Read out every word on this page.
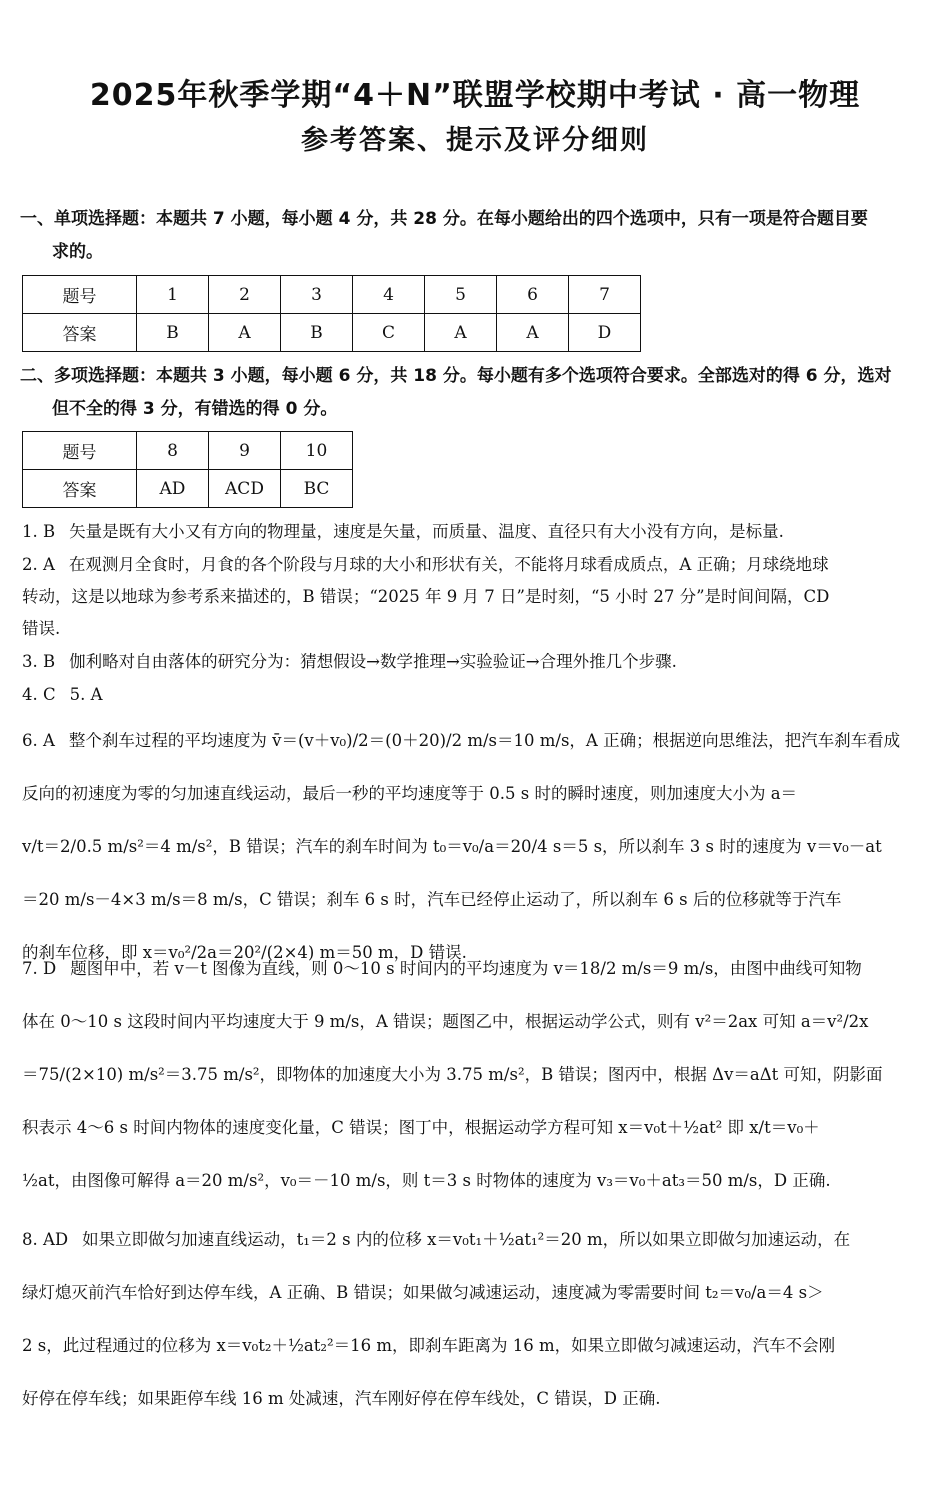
2025年秋季学期“4＋N”联盟学校期中考试 · 高一物理
参考答案、提示及评分细则
一、单项选择题：本题共 7 小题，每小题 4 分，共 28 分。在每小题给出的四个选项中，只有一项是符合题目要
求的。
题号	1	2	3	4	5	6	7
答案	B	A	B	C	A	A	D
二、多项选择题：本题共 3 小题，每小题 6 分，共 18 分。每小题有多个选项符合要求。全部选对的得 6 分，选对
但不全的得 3 分，有错选的得 0 分。
题号	8	9	10
答案	AD	ACD	BC
1. B 矢量是既有大小又有方向的物理量，速度是矢量，而质量、温度、直径只有大小没有方向，是标量.
2. A 在观测月全食时，月食的各个阶段与月球的大小和形状有关，不能将月球看成质点，A 正确；月球绕地球
转动，这是以地球为参考系来描述的，B 错误；“2025 年 9 月 7 日”是时刻，“5 小时 27 分”是时间间隔，CD
错误.
3. B 伽利略对自由落体的研究分为：猜想假设→数学推理→实验验证→合理外推几个步骤.
4. C 5. A
6. A 整个刹车过程的平均速度为 v̄＝(v＋v₀)/2＝(0＋20)/2 m/s＝10 m/s，A 正确；根据逆向思维法，把汽车刹车看成
反向的初速度为零的匀加速直线运动，最后一秒的平均速度等于 0.5 s 时的瞬时速度，则加速度大小为 a＝
v/t＝2/0.5 m/s²＝4 m/s²，B 错误；汽车的刹车时间为 t₀＝v₀/a＝20/4 s＝5 s，所以刹车 3 s 时的速度为 v＝v₀－at
＝20 m/s－4×3 m/s＝8 m/s，C 错误；刹车 6 s 时，汽车已经停止运动了，所以刹车 6 s 后的位移就等于汽车
的刹车位移，即 x＝v₀²/2a＝20²/(2×4) m＝50 m，D 错误.
7. D 题图甲中，若 v－t 图像为直线，则 0～10 s 时间内的平均速度为 v＝18/2 m/s＝9 m/s，由图中曲线可知物
体在 0～10 s 这段时间内平均速度大于 9 m/s，A 错误；题图乙中，根据运动学公式，则有 v²＝2ax 可知 a＝v²/2x
＝75/(2×10) m/s²＝3.75 m/s²，即物体的加速度大小为 3.75 m/s²，B 错误；图丙中，根据 Δv＝aΔt 可知，阴影面
积表示 4～6 s 时间内物体的速度变化量，C 错误；图丁中，根据运动学方程可知 x＝v₀t＋½at² 即 x/t＝v₀＋
½at，由图像可解得 a＝20 m/s²，v₀＝－10 m/s，则 t＝3 s 时物体的速度为 v₃＝v₀＋at₃＝50 m/s，D 正确.
8. AD 如果立即做匀加速直线运动，t₁＝2 s 内的位移 x＝v₀t₁＋½at₁²＝20 m，所以如果立即做匀加速运动，在
绿灯熄灭前汽车恰好到达停车线，A 正确、B 错误；如果做匀减速运动，速度减为零需要时间 t₂＝v₀/a＝4 s＞
2 s，此过程通过的位移为 x＝v₀t₂＋½at₂²＝16 m，即刹车距离为 16 m，如果立即做匀减速运动，汽车不会刚
好停在停车线；如果距停车线 16 m 处减速，汽车刚好停在停车线处，C 错误，D 正确.
